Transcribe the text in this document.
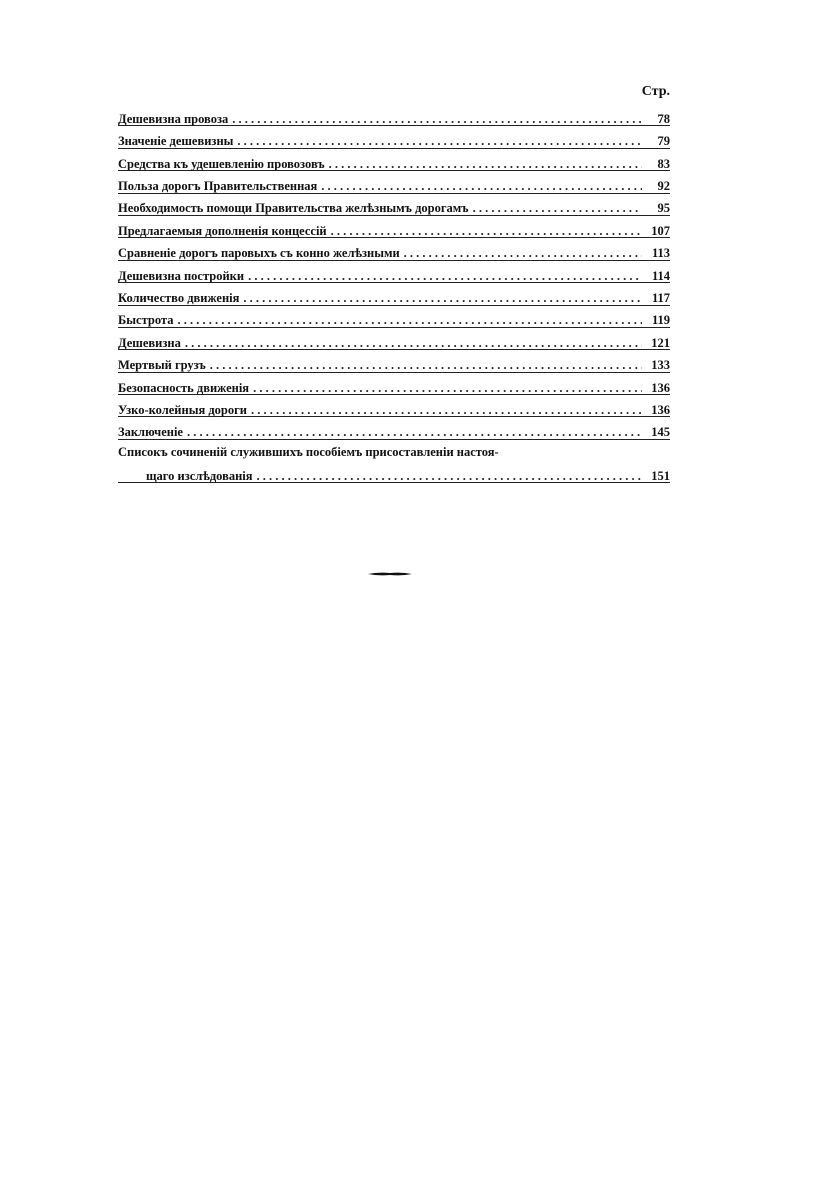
Стр.
Дешевизна провоза . . .	78
Значеніе дешевизны . . .	79
Средства къ удешевленію провозовъ . . .	83
Польза дорогъ Правительственная . . .	92
Необходимость помощи Правительства желѣзнымъ дорогамъ . . .	95
Предлагаемыя дополненія концессій . . .	107
Сравненіе дорогъ паровыхъ съ конно желѣзными . . .	113
Дешевизна постройки . . .	114
Количество движенія . . .	117
Быстрота . . .	119
Дешевизна . . .	121
Мертвый грузъ . . .	133
Безопасность движенія . . .	136
Узко-колейныя дороги . . .	136
Заключеніе . . .	145
Списокъ сочиненій служившихъ пособіемъ приcоставленіи настоя-
щаго изслѣдованія . . .	151
